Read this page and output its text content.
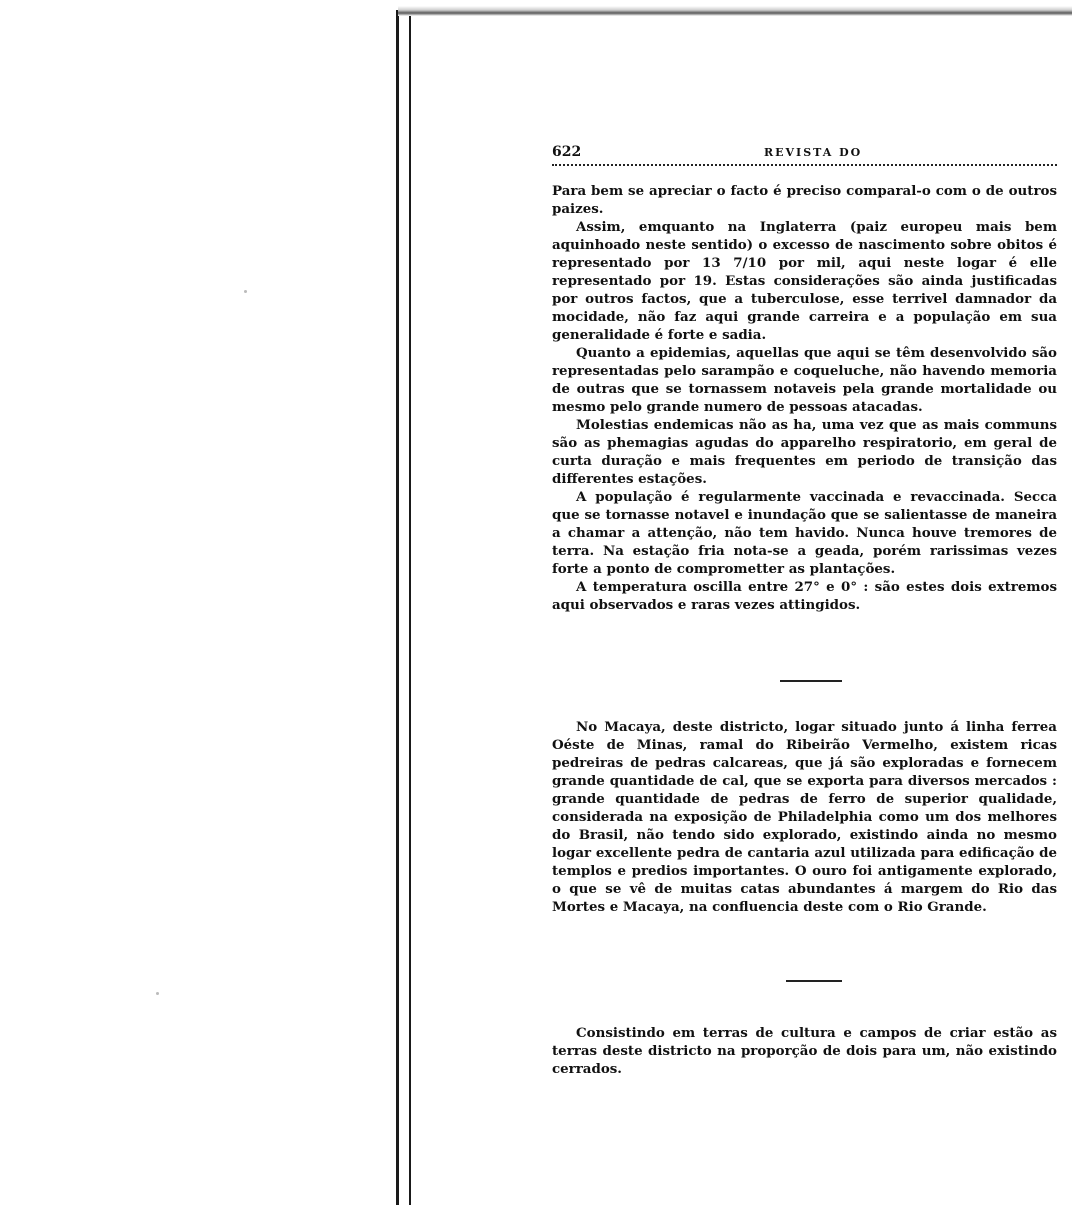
622	REVISTA DO

Para bem se apreciar o facto é preciso comparal-o com o de outros paizes.

Assim, emquanto na Inglaterra (paiz europeu mais bem aquinhoado neste sentido) o excesso de nascimento sobre obitos é representado por 13 7/10 por mil, aqui neste logar é elle representado por 19. Estas considerações são ainda justificadas por outros factos, que a tuberculose, esse terrivel damnador da mocidade, não faz aqui grande carreira e a população em sua generalidade é forte e sadia.

Quanto a epidemias, aquellas que aqui se têm desenvolvido são representadas pelo sarampão e coqueluche, não havendo memoria de outras que se tornassem notaveis pela grande mortalidade ou mesmo pelo grande numero de pessoas atacadas.

Molestias endemicas não as ha, uma vez que as mais communs são as phemagias agudas do apparelho respiratorio, em geral de curta duração e mais frequentes em periodo de transição das differentes estações.

A população é regularmente vaccinada e revaccinada. Secca que se tornasse notavel e inundação que se salientasse de maneira a chamar a attenção, não tem havido. Nunca houve tremores de terra. Na estação fria nota-se a geada, porém rarissimas vezes forte a ponto de comprometter as plantações.

A temperatura oscilla entre 27° e 0° : são estes dois extremos aqui observados e raras vezes attingidos.

No Macaya, deste districto, logar situado junto á linha ferrea Oéste de Minas, ramal do Ribeirão Vermelho, existem ricas pedreiras de pedras calcareas, que já são exploradas e fornecem grande quantidade de cal, que se exporta para diversos mercados : grande quantidade de pedras de ferro de superior qualidade, considerada na exposição de Philadelphia como um dos melhores do Brasil, não tendo sido explorado, existindo ainda no mesmo logar excellente pedra de cantaria azul utilizada para edificação de templos e predios importantes. O ouro foi antigamente explorado, o que se vê de muitas catas abundantes á margem do Rio das Mortes e Macaya, na confluencia deste com o Rio Grande.

Consistindo em terras de cultura e campos de criar estão as terras deste districto na proporção de dois para um, não existindo cerrados.
